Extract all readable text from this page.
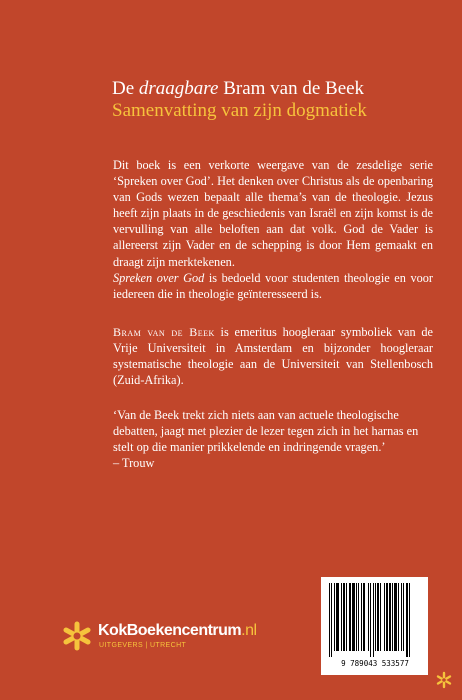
De draagbare Bram van de Beek
Samenvatting van zijn dogmatiek

Dit boek is een verkorte weergave van de zesdelige serie ‘Spreken over God’. Het denken over Christus als de openbaring van Gods wezen bepaalt alle thema’s van de theologie. Jezus heeft zijn plaats in de geschiedenis van Israël en zijn komst is de vervulling van alle beloften aan dat volk. God de Vader is allereerst zijn Vader en de schepping is door Hem gemaakt en draagt zijn merktekenen.

Spreken over God is bedoeld voor studenten theologie en voor iedereen die in theologie geïnteresseerd is.

Bram van de Beek is emeritus hoogleraar symboliek van de Vrije Universiteit in Amsterdam en bijzonder hoogleraar systematische theologie aan de Universiteit van Stellenbosch (Zuid-Afrika).

‘Van de Beek trekt zich niets aan van actuele theologische debatten, jaagt met plezier de lezer tegen zich in het harnas en stelt op die manier prikkelende en indringende vragen.’

– Trouw

KokBoekencentrum.nl
UITGEVERS | UTRECHT
9 789043 533577
